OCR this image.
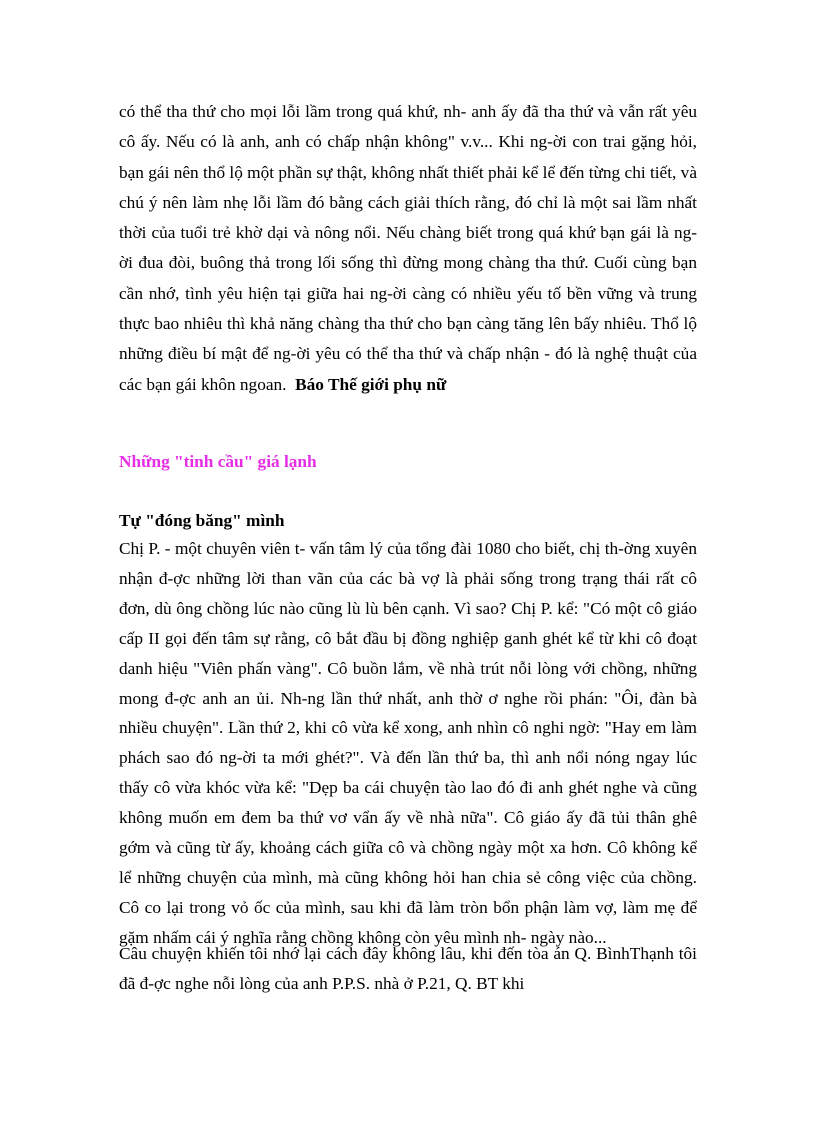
có thể tha thứ cho mọi lỗi lầm trong quá khứ, nh- anh ấy đã tha thứ và vẫn rất yêu cô ấy. Nếu có là anh, anh có chấp nhận không" v.v... Khi ng-ời con trai gặng hỏi, bạn gái nên thổ lộ một phần sự thật, không nhất thiết phải kể lể đến từng chi tiết, và chú ý nên làm nhẹ lỗi lầm đó bằng cách giải thích rằng, đó chỉ là một sai lầm nhất thời của tuổi trẻ khờ dại và nông nổi. Nếu chàng biết trong quá khứ bạn gái là ng-ời đua đòi, buông thả trong lối sống thì đừng mong chàng tha thứ. Cuối cùng bạn cần nhớ, tình yêu hiện tại giữa hai ng-ời càng có nhiều yếu tố bền vững và trung thực bao nhiêu thì khả năng chàng tha thứ cho bạn càng tăng lên bấy nhiêu. Thổ lộ những điều bí mật để ng-ời yêu có thể tha thứ và chấp nhận - đó là nghệ thuật của các bạn gái khôn ngoan. Báo Thế giới phụ nữ

Những "tinh cầu" giá lạnh
Tự "đóng băng" mình

Chị P. - một chuyên viên t- vấn tâm lý của tổng đài 1080 cho biết, chị th-ờng xuyên nhận đ-ợc những lời than vãn của các bà vợ là phải sống trong trạng thái rất cô đơn, dù ông chồng lúc nào cũng lù lù bên cạnh. Vì sao? Chị P. kể: "Có một cô giáo cấp II gọi đến tâm sự rằng, cô bắt đầu bị đồng nghiệp ganh ghét kể từ khi cô đoạt danh hiệu "Viên phấn vàng". Cô buồn lắm, về nhà trút nỗi lòng với chồng, những mong đ-ợc anh an ủi. Nh-ng lần thứ nhất, anh thờ ơ nghe rồi phán: "Ôi, đàn bà nhiều chuyện". Lần thứ 2, khi cô vừa kể xong, anh nhìn cô nghi ngờ: "Hay em làm phách sao đó ng-ời ta mới ghét?". Và đến lần thứ ba, thì anh nổi nóng ngay lúc thấy cô vừa khóc vừa kể: "Dẹp ba cái chuyện tào lao đó đi anh ghét nghe và cũng không muốn em đem ba thứ vơ vẩn ấy về nhà nữa". Cô giáo ấy đã tủi thân ghê gớm và cũng từ ấy, khoảng cách giữa cô và chồng ngày một xa hơn. Cô không kể lể những chuyện của mình, mà cũng không hỏi han chia sẻ công việc của chồng. Cô co lại trong vỏ ốc của mình, sau khi đã làm tròn bổn phận làm vợ, làm mẹ để gặm nhấm cái ý nghĩa rằng chồng không còn yêu mình nh- ngày nào...

Câu chuyện khiến tôi nhớ lại cách đây không lâu, khi đến tòa án Q. BìnhThạnh tôi đã đ-ợc nghe nỗi lòng của anh P.P.S. nhà ở P.21, Q. BT khi
